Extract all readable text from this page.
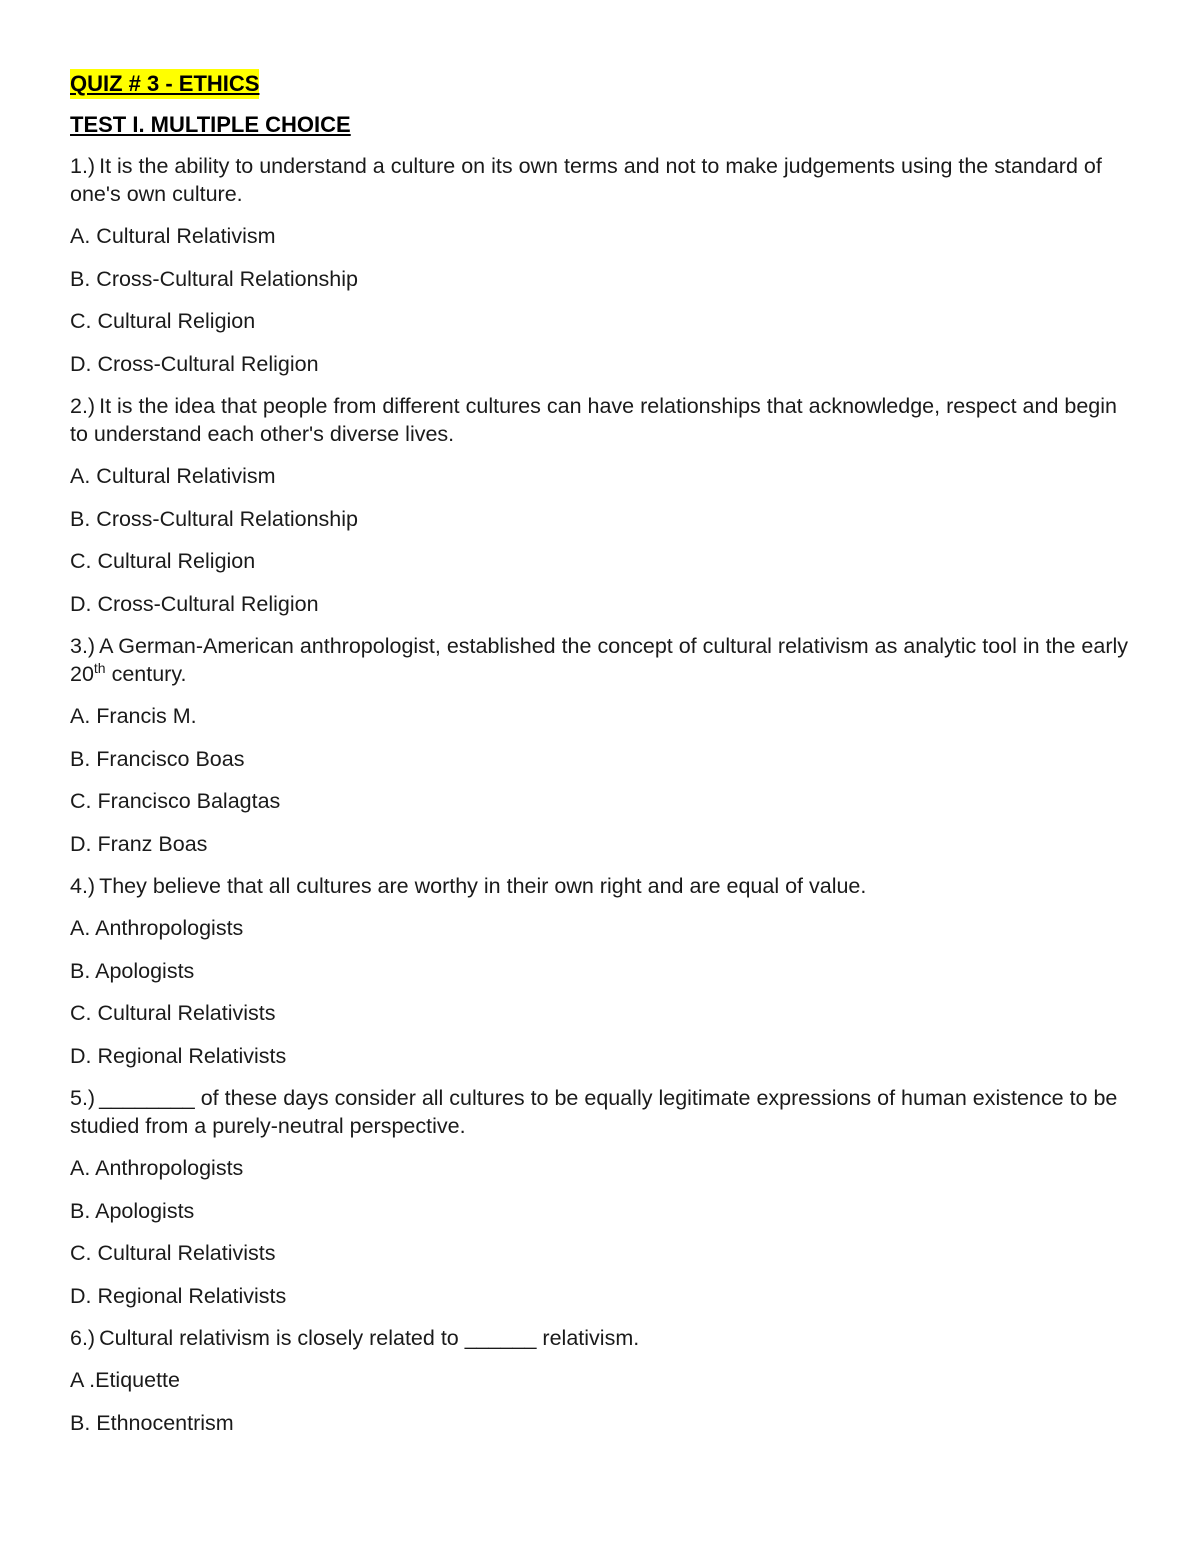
QUIZ # 3 - ETHICS
TEST I. MULTIPLE CHOICE
1.) It is the ability to understand a culture on its own terms and not to make judgements using the standard of one's own culture.
A. Cultural Relativism
B. Cross-Cultural Relationship
C. Cultural Religion
D. Cross-Cultural Religion
2.) It is the idea that people from different cultures can have relationships that acknowledge, respect and begin to understand each other's diverse lives.
A. Cultural Relativism
B. Cross-Cultural Relationship
C. Cultural Religion
D. Cross-Cultural Religion
3.) A German-American anthropologist, established the concept of cultural relativism as analytic tool in the early 20th century.
A. Francis M.
B. Francisco Boas
C. Francisco Balagtas
D. Franz Boas
4.) They believe that all cultures are worthy in their own right and are equal of value.
A. Anthropologists
B. Apologists
C. Cultural Relativists
D. Regional Relativists
5.) ________ of these days consider all cultures to be equally legitimate expressions of human existence to be studied from a purely-neutral perspective.
A. Anthropologists
B. Apologists
C. Cultural Relativists
D. Regional Relativists
6.) Cultural relativism is closely related to ______ relativism.
A .Etiquette
B. Ethnocentrism
